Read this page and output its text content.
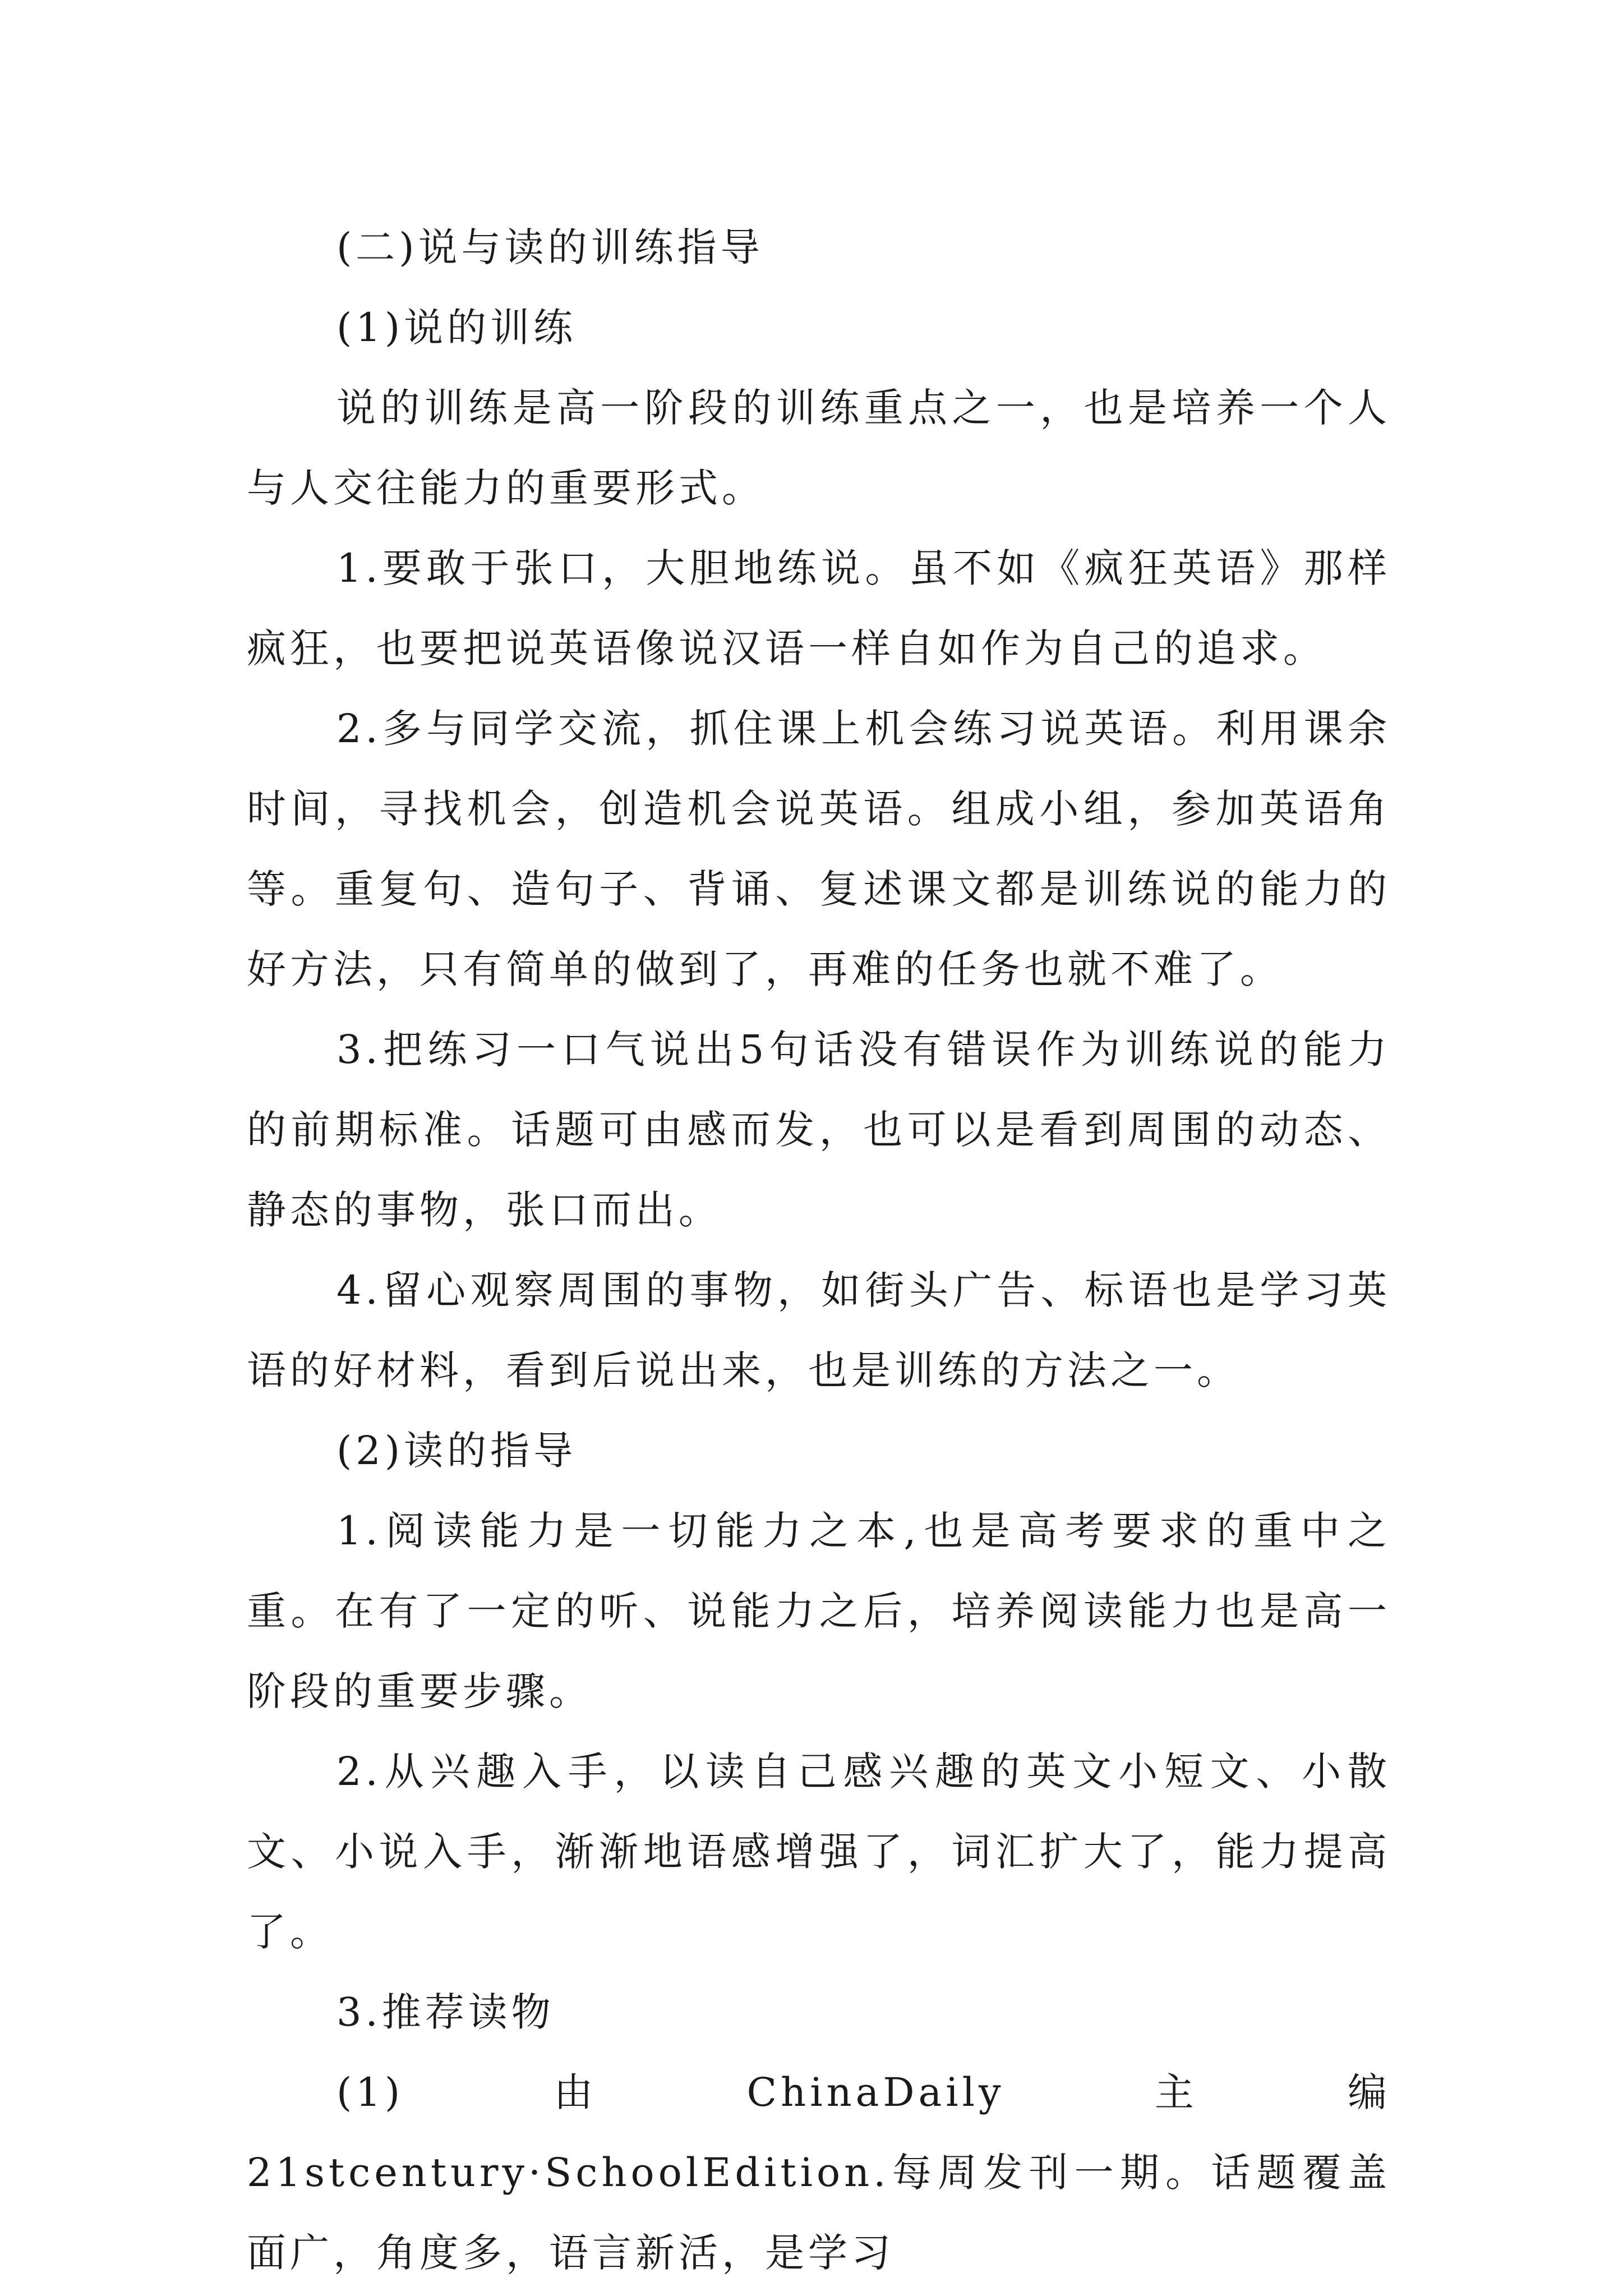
(二)说与读的训练指导

(1)说的训练

说的训练是高一阶段的训练重点之一，也是培养一个人与人交往能力的重要形式。

1.要敢于张口，大胆地练说。虽不如《疯狂英语》那样疯狂，也要把说英语像说汉语一样自如作为自己的追求。

2.多与同学交流，抓住课上机会练习说英语。利用课余时间，寻找机会，创造机会说英语。组成小组，参加英语角等。重复句、造句子、背诵、复述课文都是训练说的能力的好方法，只有简单的做到了，再难的任务也就不难了。

3.把练习一口气说出5句话没有错误作为训练说的能力的前期标准。话题可由感而发，也可以是看到周围的动态、静态的事物，张口而出。

4.留心观察周围的事物，如街头广告、标语也是学习英语的好材料，看到后说出来，也是训练的方法之一。

(2)读的指导

1.阅读能力是一切能力之本,也是高考要求的重中之重。在有了一定的听、说能力之后，培养阅读能力也是高一阶段的重要步骤。

2.从兴趣入手，以读自己感兴趣的英文小短文、小散文、小说入手，渐渐地语感增强了，词汇扩大了，能力提高了。

3.推荐读物

(1)由ChinaDaily主编21stcentury·SchoolEdition.每周发刊一期。话题覆盖面广，角度多，语言新活，是学习
